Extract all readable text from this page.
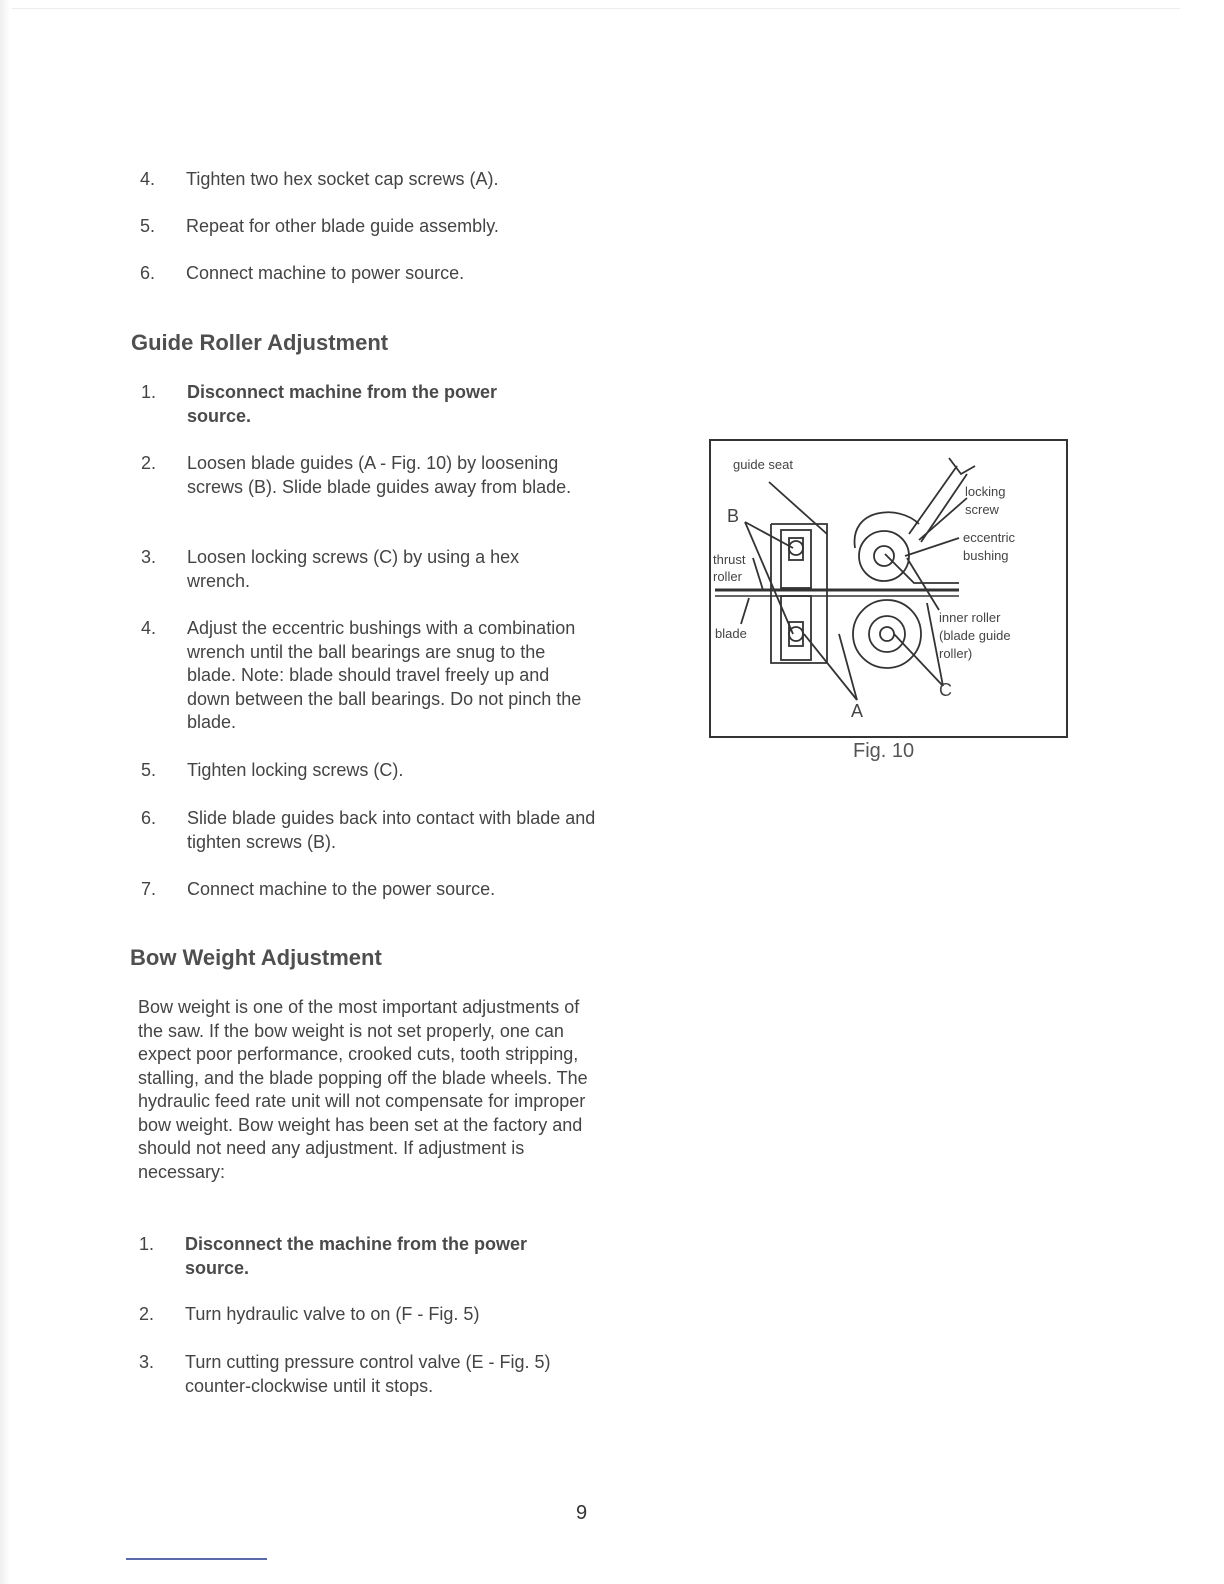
4. Tighten two hex socket cap screws (A).
5. Repeat for other blade guide assembly.
6. Connect machine to power source.
Guide Roller Adjustment
1. Disconnect machine from the power source.
2. Loosen blade guides (A - Fig. 10) by loosening screws (B). Slide blade guides away from blade.
3. Loosen locking screws (C) by using a hex wrench.
4. Adjust the eccentric bushings with a combination wrench until the ball bearings are snug to the blade. Note: blade should travel freely up and down between the ball bearings. Do not pinch the blade.
5. Tighten locking screws (C).
6. Slide blade guides back into contact with blade and tighten screws (B).
7. Connect machine to the power source.
Bow Weight Adjustment
Bow weight is one of the most important adjustments of the saw. If the bow weight is not set properly, one can expect poor performance, crooked cuts, tooth stripping, stalling, and the blade popping off the blade wheels. The hydraulic feed rate unit will not compensate for improper bow weight. Bow weight has been set at the factory and should not need any adjustment. If adjustment is necessary:
1. Disconnect the machine from the power source.
2. Turn hydraulic valve to on (F - Fig. 5)
3. Turn cutting pressure control valve (E - Fig. 5) counter-clockwise until it stops.
guide seat
B
thrust
roller
blade
A
C
locking
screw
eccentric
bushing
inner roller
(blade guide
roller)
Fig. 10
9
